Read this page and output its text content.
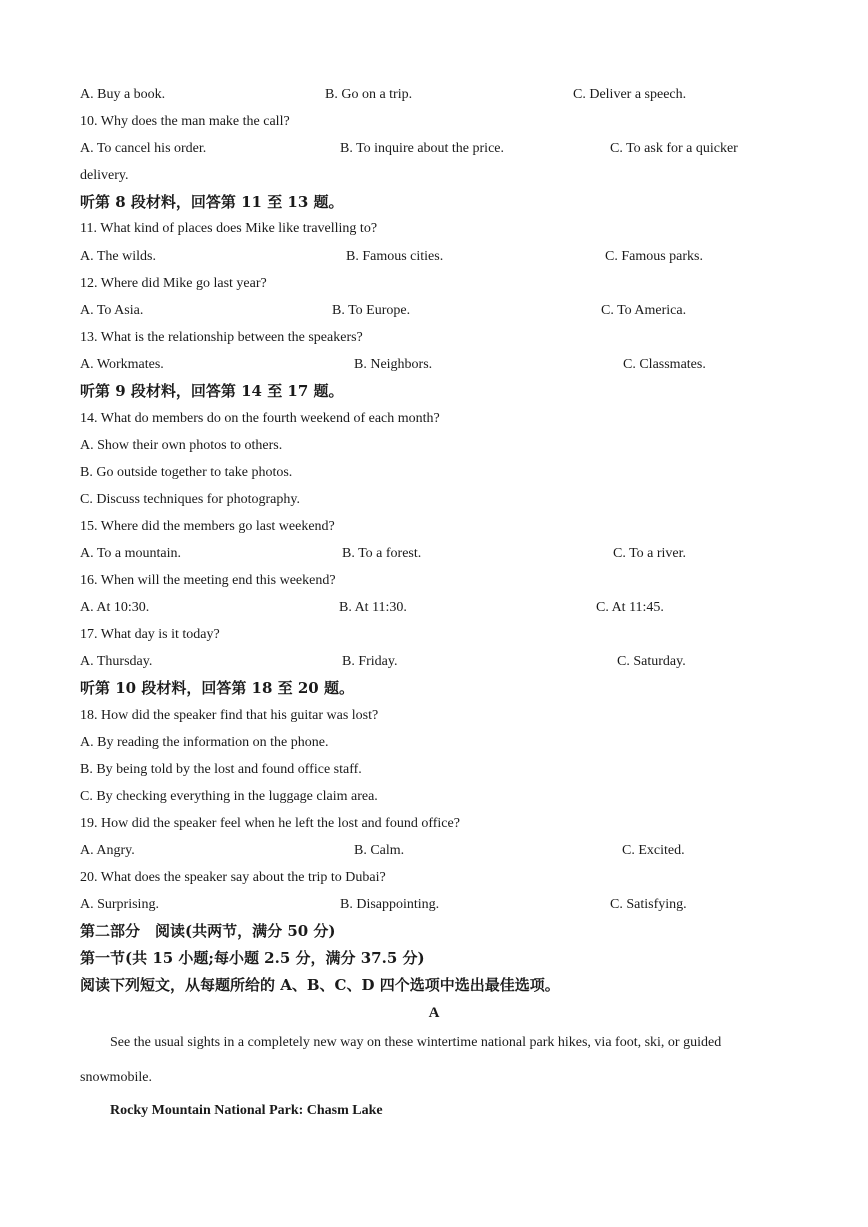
A. Buy a book.	B. Go on a trip.	C. Deliver a speech.
10. Why does the man make the call?
A. To cancel his order.	B. To inquire about the price.	C. To ask for a quicker
delivery.
听第 8 段材料，回答第 11 至 13 题。
11. What kind of places does Mike like travelling to?
A. The wilds.	B. Famous cities.	C. Famous parks.
12. Where did Mike go last year?
A. To Asia.	B. To Europe.	C. To America.
13. What is the relationship between the speakers?
A. Workmates.	B. Neighbors.	C. Classmates.
听第 9 段材料，回答第 14 至 17 题。
14. What do members do on the fourth weekend of each month?
A. Show their own photos to others.
B. Go outside together to take photos.
C. Discuss techniques for photography.
15. Where did the members go last weekend?
A. To a mountain.	B. To a forest.	C. To a river.
16. When will the meeting end this weekend?
A. At 10:30.	B. At 11:30.	C. At 11:45.
17. What day is it today?
A. Thursday.	B. Friday.	C. Saturday.
听第 10 段材料，回答第 18 至 20 题。
18. How did the speaker find that his guitar was lost?
A. By reading the information on the phone.
B. By being told by the lost and found office staff.
C. By checking everything in the luggage claim area.
19. How did the speaker feel when he left the lost and found office?
A. Angry.	B. Calm.	C. Excited.
20. What does the speaker say about the trip to Dubai?
A. Surprising.	B. Disappointing.	C. Satisfying.
第二部分　阅读(共两节，满分 50 分)
第一节(共 15 小题;每小题 2.5 分，满分 37.5 分)
阅读下列短文，从每题所给的 A、B、C、D 四个选项中选出最佳选项。
A
See the usual sights in a completely new way on these wintertime national park hikes, via foot, ski, or guided
snowmobile.
Rocky Mountain National Park: Chasm Lake
